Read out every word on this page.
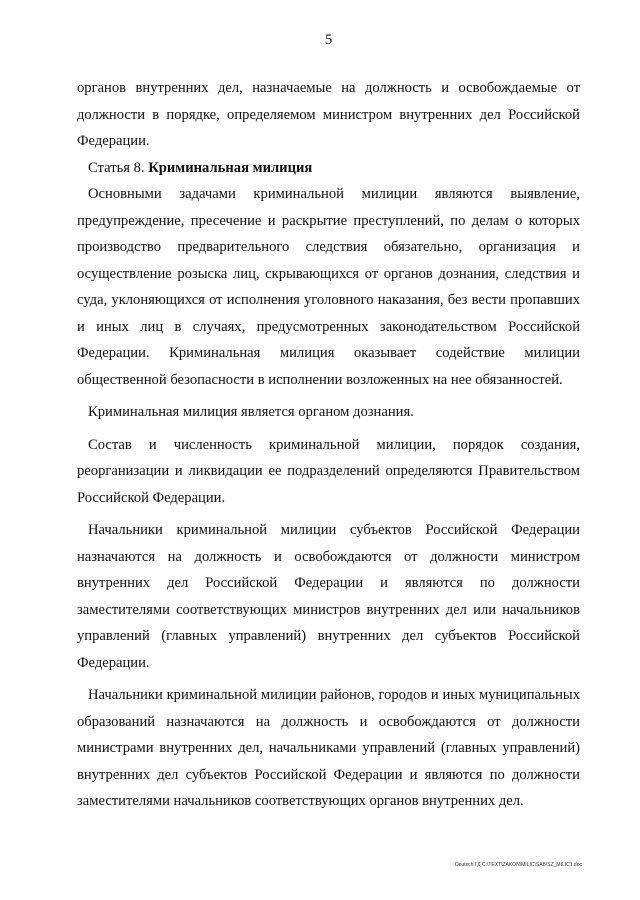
5

органов внутренних дел, назначаемые на должность и освобождаемые от должности в порядке, определяемом министром внутренних дел Российской Федерации.

Статья 8. Криминальная милиция

Основными задачами криминальной милиции являются выявление, предупреждение, пресечение и раскрытие преступлений, по делам о которых производство предварительного следствия обязательно, организация и осуществление розыска лиц, скрывающихся от органов дознания, следствия и суда, уклоняющихся от исполнения уголовного наказания, без вести пропавших и иных лиц в случаях, предусмотренных законодательством Российской Федерации. Криминальная милиция оказывает содействие милиции общественной безопасности в исполнении возложенных на нее обязанностей.

Криминальная милиция является органом дознания.

Состав и численность криминальной милиции, порядок создания, реорганизации и ликвидации ее подразделений определяются Правительством Российской Федерации.

Начальники криминальной милиции субъектов Российской Федерации назначаются на должность и освобождаются от должности министром внутренних дел Российской Федерации и являются по должности заместителями соответствующих министров внутренних дел или начальников управлений (главных управлений) внутренних дел субъектов Российской Федерации.

Начальники криминальной милиции районов, городов и иных муниципальных образований назначаются на должность и освобождаются от должности министрами внутренних дел, начальниками управлений (главных управлений) внутренних дел субъектов Российской Федерации и являются по должности заместителями начальников соответствующих органов внутренних дел.

Deutsch ГД C:\TEXT\ZAKON\MILIC\SAB\SZ_MILIC1.doc
